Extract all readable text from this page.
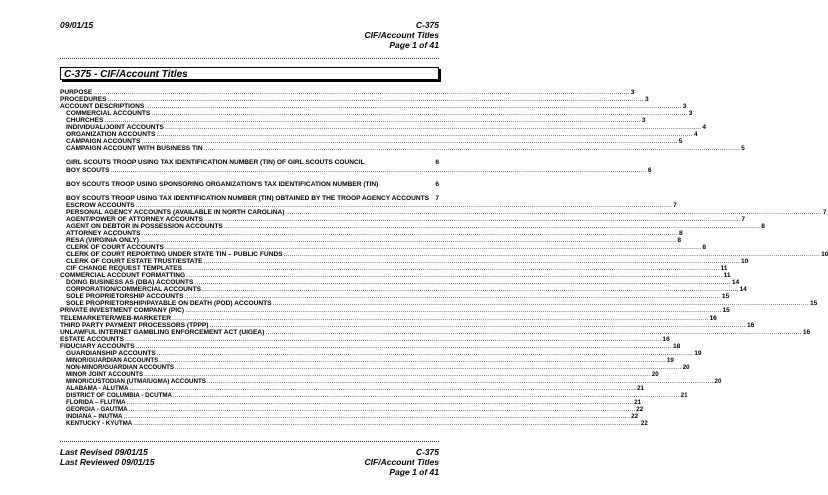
09/01/15	C-375
CIF/Account Titles
Page 1 of 41
C-375 - CIF/Account Titles
PURPOSE .....	3
PROCEDURES .....	3
ACCOUNT DESCRIPTIONS .....	3
COMMERCIAL ACCOUNTS .....	3
CHURCHES .....	3
INDIVIDUAL/JOINT ACCOUNTS .....	4
ORGANIZATION ACCOUNTS .....	4
CAMPAIGN ACCOUNTS .....	5
CAMPAIGN ACCOUNT WITH BUSINESS TIN .....	5
GIRL SCOUTS TROOP USING TAX IDENTIFICATION NUMBER (TIN) OF GIRL SCOUTS COUNCIL	6
BOY SCOUTS .....	6
BOY SCOUTS TROOP USING SPONSORING ORGANIZATION'S TAX IDENTIFICATION NUMBER (TIN)	6
BOY SCOUTS TROOP USING TAX IDENTIFICATION NUMBER (TIN) OBTAINED BY THE TROOP AGENCY ACCOUNTS 7
ESCROW ACCOUNTS .....	7
PERSONAL AGENCY ACCOUNTS (AVAILABLE IN NORTH CAROLINA) .....	7
AGENT/POWER OF ATTORNEY ACCOUNTS .....	7
AGENT ON DEBTOR IN POSSESSION ACCOUNTS .....	8
ATTORNEY ACCOUNTS .....	8
RESA (VIRGINIA ONLY) .....	8
CLERK OF COURT ACCOUNTS .....	8
CLERK OF COURT REPORTING UNDER STATE TIN – PUBLIC FUNDS .....	10
CLERK OF COURT ESTATE TRUST/ESTATE .....	10
CIF CHANGE REQUEST TEMPLATES .....	11
COMMERCIAL ACCOUNT FORMATTING .....	11
DOING BUSINESS AS (DBA) ACCOUNTS .....	14
CORPORATION/COMMERCIAL ACCOUNTS .....	14
SOLE PROPRIETORSHIP ACCOUNTS .....	15
SOLE PROPRIETORSHIP/PAYABLE ON DEATH (POD) ACCOUNTS .....	15
PRIVATE INVESTMENT COMPANY (PIC) .....	15
TELEMARKETER/WEB-MARKETER .....	16
THIRD PARTY PAYMENT PROCESSORS (TPPP) .....	16
UNLAWFUL INTERNET GAMBLING ENFORCEMENT ACT (UIGEA) .....	16
ESTATE ACCOUNTS .....	16
FIDUCIARY ACCOUNTS .....	18
GUARDIANSHIP ACCOUNTS .....	19
MINOR/GUARDIAN ACCOUNTS .....	19
NON-MINOR/GUARDIAN ACCOUNTS .....	20
MINOR JOINT ACCOUNTS .....	20
MINOR/CUSTODIAN (UTMA/UGMA) ACCOUNTS .....	20
ALABAMA - ALUTMA .....	21
DISTRICT OF COLUMBIA - DCUTMA .....	21
FLORIDA – FLUTMA .....	21
GEORGIA - GAUTMA .....	22
INDIANA – INUTMA .....	22
KENTUCKY - KYUTMA .....	22
Last Revised 09/01/15
Last Reviewed 09/01/15
C-375
CIF/Account Titles
Page 1 of 41
